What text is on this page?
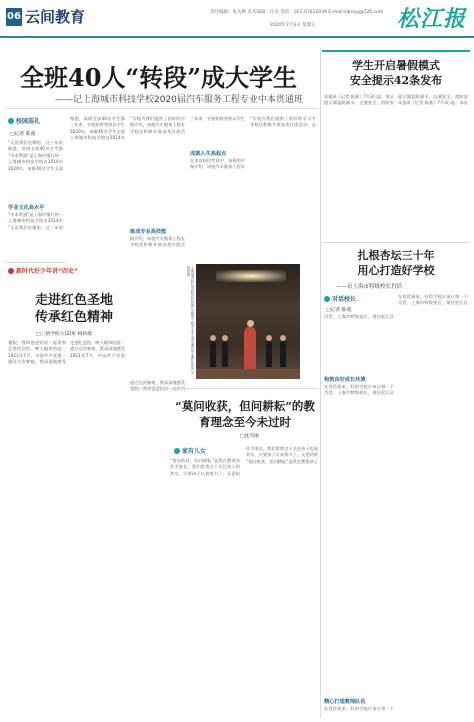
06 云间教育	责任编辑：张关桦 美术编辑：汪丹 电话：021-67812039 E-mail:sjbssyj@126.com
2020年7月3日 星期五	松江报
全班40人“转段”成大学生
——记上海城市科技学校2020届汽车服务工程专业中本贯通班
校园巡礼
□记者 陈燕
“无论我们在哪里，这三年的
据悉，该班全部40名学生都
“中本贯通”是上海市推行的一
上海城市科技学校自2014年
2020年，该班40名学生全部
学业文化高水平
“中本贯通”是上海市推行的一
上海城市科技学校自2014年
“无论我们在哪里，这三年的
据悉，该班全部40名学生都
三年来，学校始终坚持以学生
2020年，该班40名学生全部
上海城市科技学校自2014年
“学校为我们提供了很好的学
据介绍，该校汽车服务工程专
学校还积极开展各类社团活
练成专业高技能
据介绍，该校汽车服务工程专
学校还积极开展各类社团活
三年来，学校始终坚持以学生
成就人生高起点
在本次转段考试中，该班的平
据介绍，该校汽车服务工程专
“学校为我们提供了很好的学习平
学校还积极开展各类社团活动、志
新时代好少年讲“四史”
走进红色圣地 传承红色精神
□三新学校六(2)班 顾和敏
暑假，我和爸爸妈妈一起来到
走进纪念馆，映入眼帘的是一
1921年7月，中国共产党第一
通过这次参观，我深深地感受
走进纪念馆，映入眼帘的是一
通过这次参观，我深深地感受
1921年7月，中国共产党第
通过这次参观，我深深地感受
上海城市科技学校2020届汽车服务工程专业中本贯通班毕业典礼现场 学校供图
“莫问收获，但问耕耘”的教育理念至今未过时
□沈雪丽
家有儿女
“莫问收获，但问耕耘”是我在教育孩
作为家长，我们常常过于关注孩子的
其实，只要孩子认真努力了，无论结
作为家长，我们常常过于关注孩子的成
其实，只要孩子认真努力了，无论结果
“莫问收获，但问耕耘”是我在教育孩子
学生开启暑假模式
安全提示42条发布
本报讯（记者 陈燕）7月3日起，本区
提示涵盖防溺水、交通安全、消防安
提示涵盖防溺水、交通安全、消防安
本报讯（记者 陈燕）7月3日起，本区
扎根杏坛三十年
用心打造好学校
——访上海市特级校长肖恬
对话校长
□记者 陈燕
肖恬，上海市特级校长，现任松江区
构筑良好成长环境
在肖恬看来，好的学校应该让每一个
肖恬，上海市特级校长，现任松江区
精心打造教师队伍
在肖恬看来，好的学校应该让每一个
在肖恬看来，好的学校应该让每一个
肖恬，上海市特级校长，现任松江区
